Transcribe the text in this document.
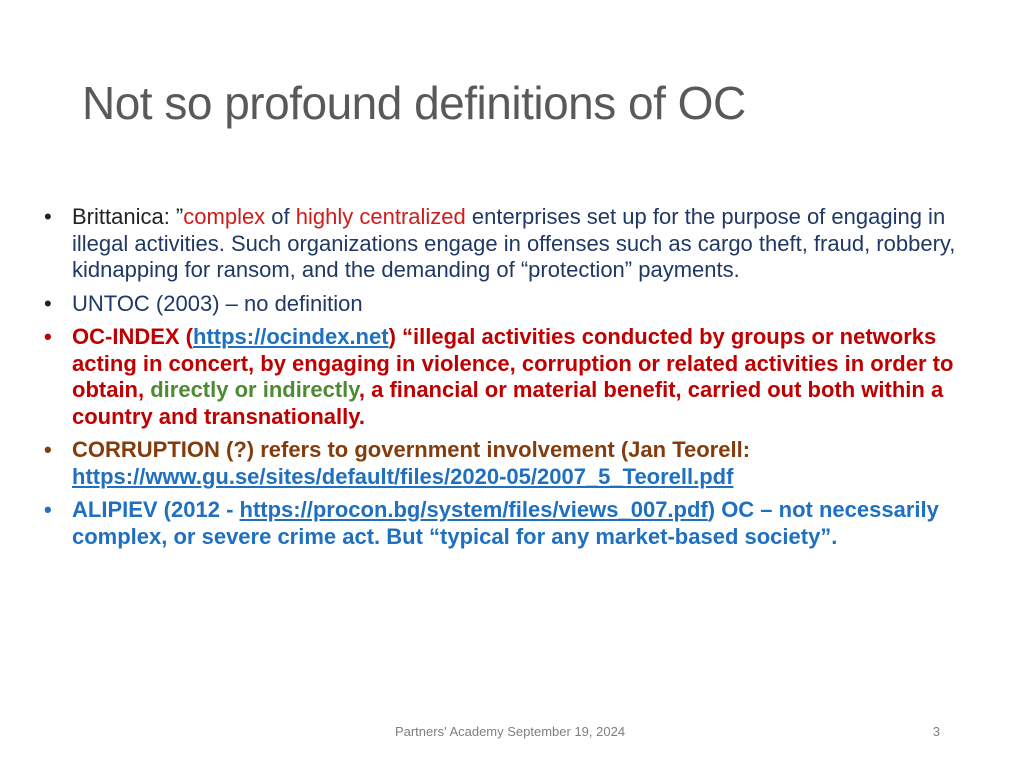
Not so profound definitions of OC
• Brittanica: ”complex of highly centralized enterprises set up for the purpose of engaging in illegal activities. Such organizations engage in offenses such as cargo theft, fraud, robbery, kidnapping for ransom, and the demanding of “protection” payments.
• UNTOC (2003) – no definition
• OC-INDEX (https://ocindex.net) “illegal activities conducted by groups or networks acting in concert, by engaging in violence, corruption or related activities in order to obtain, directly or indirectly, a financial or material benefit, carried out both within a country and transnationally.
• CORRUPTION (?) refers to government involvement (Jan Teorell: https://www.gu.se/sites/default/files/2020-05/2007_5_Teorell.pdf
• ALIPIEV (2012 - https://procon.bg/system/files/views_007.pdf) OC – not necessarily complex, or severe crime act. But “typical for any market-based society”.
Partners' Academy September 19, 2024	3
